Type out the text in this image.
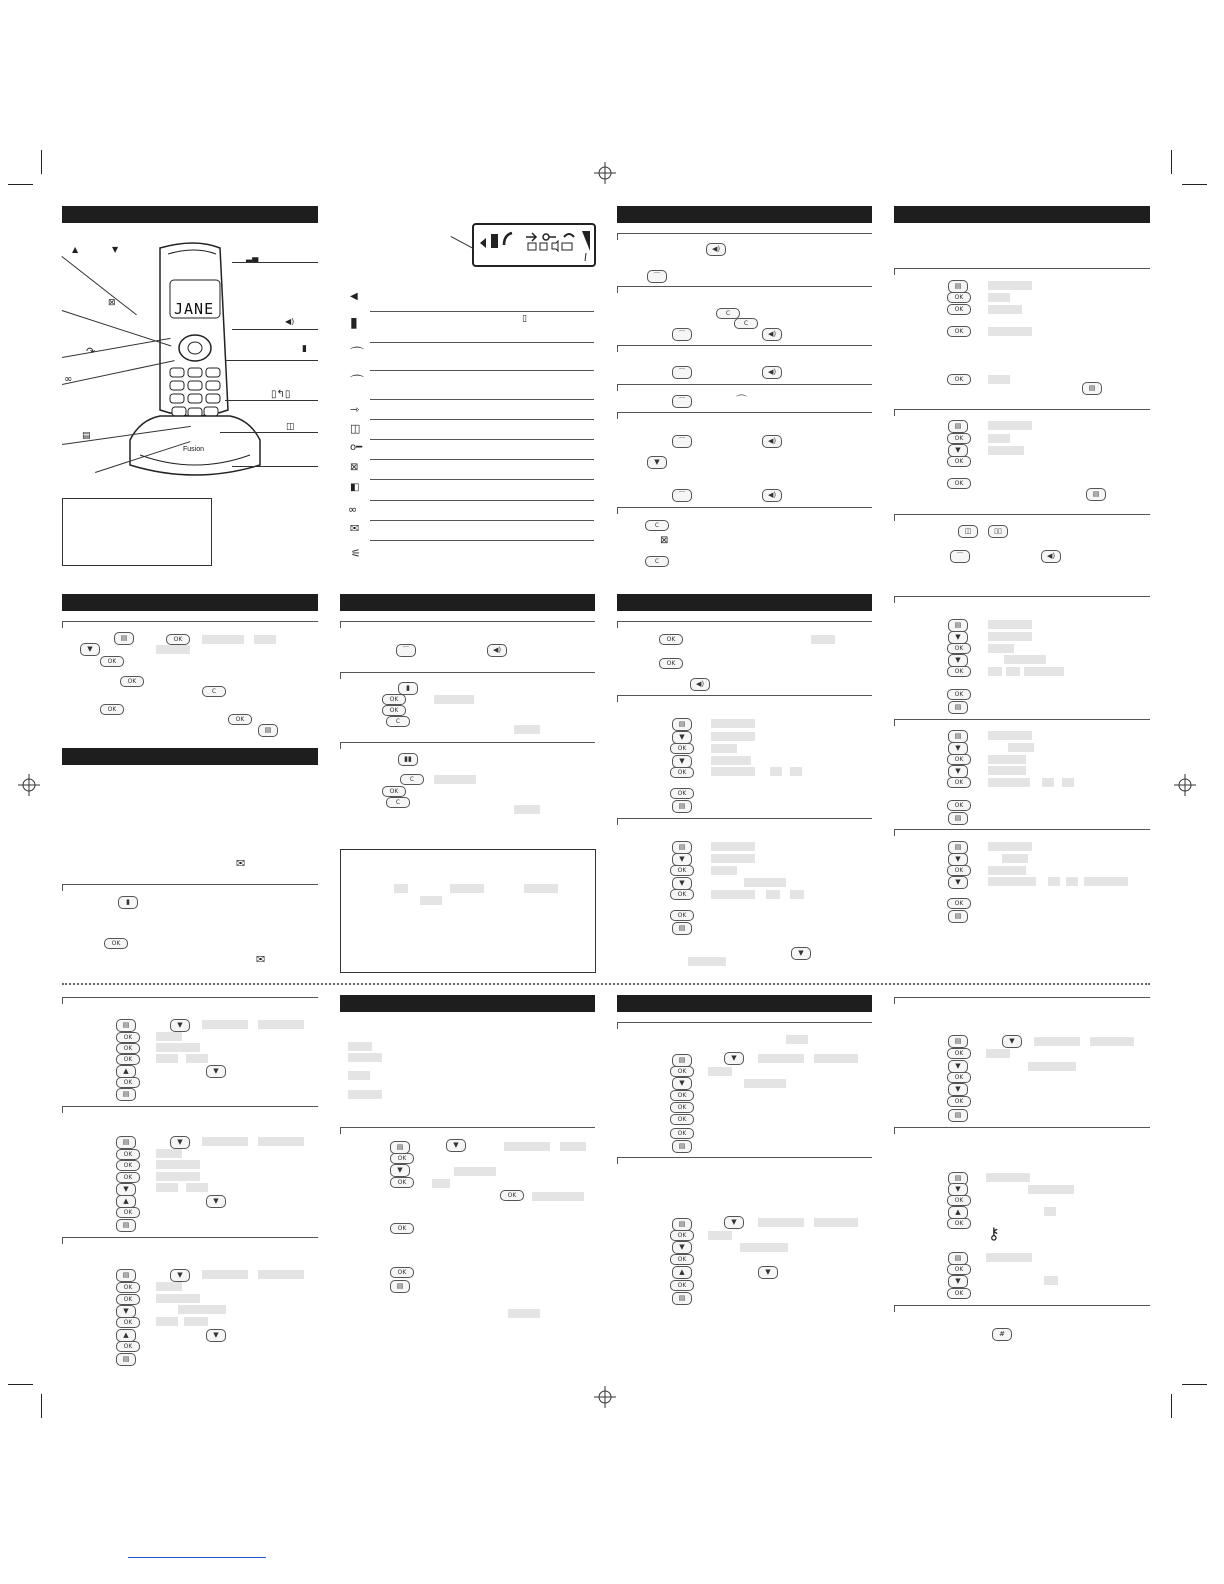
JANE
Fusion
▲	▼
⊠
↷
∞
▤
▂▄
◀)
▮
▯↰▯
◫
◀
▮	▯
⌒
⌒
⇾
◫
o━
⊠
◧
∞
✉
⚟
◀)
⌒
C
C
⌒	◀)
⌒	◀)
⌒	⌒
⌒	◀)
▼
⌒	◀)
C
⊠
C
▤
OK
OK
OK
OK
▤
▤
OK
▼
OK
OK
▤
◫	▯▯
⌒	◀)
▤	OK
▼
OK
OK
C
OK
OK
▤
✉
▮
OK
✉
⌒	◀)
▮
OK
OK
C
▮▮
C
OK
C
OK
OK
◀)
▤
▼
OK
▼
OK
OK
▤
▤
▼
OK
▼
OK
OK
▤
▼
▤
▼
OK
▼
OK
OK
▤
▤
▼
OK
▼
OK
OK
▤
▤
▼
OK
▼
OK
▤
▤	▼
OK
OK
OK
▲	▼
OK
▤
▤	▼
OK
OK
OK
▼
▲	▼
OK
▤
▤	▼
OK
OK
▼
OK
▲	▼
OK
▤
▤	▼
OK
▼
OK
OK
OK
OK
▤
▤	▼
OK
▼
OK
OK
OK
OK
▤
▤	▼
OK
▼
OK
▲	▼
OK
▤
▤	▼
OK
▼
OK
▼
OK
▤
▤
▼
OK
▲
OK
⚷
▤
OK
▼
OK
#
